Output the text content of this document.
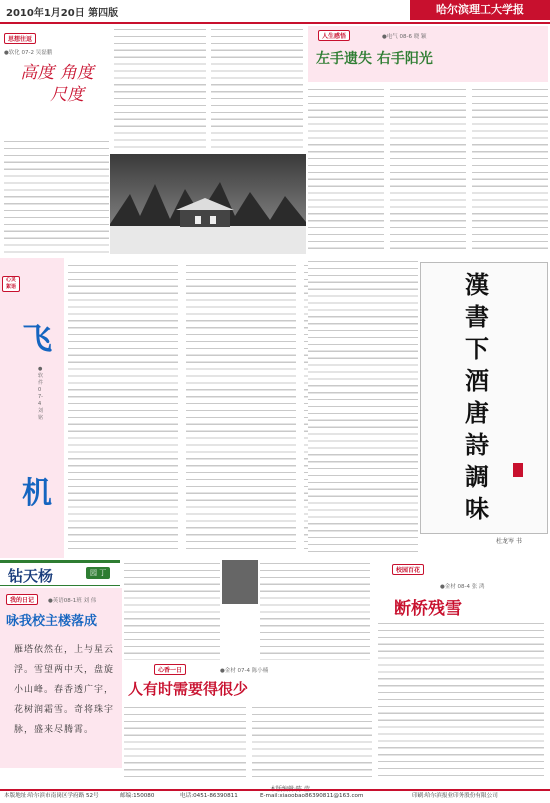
2010年1月20日 第四版	哈尔滨理工大学报
思想往返
●软化 07-2 吴磊鹏
高度 角度
尺度
人生感悟	●电气 08-6 晓 颖
左手遗失 右手阳光
心灵絮语
飞
●软件 07-4 刘 铭
机
漢 書 下 酒 唐 詩 調 味
杜龙岑 书
钻天杨	园 丁
我的日记	●英语08-1班 刘 伟
咏我校主楼落成
雁塔依然在，上与星云浮。雪望两中天，盘旋小山峰。春香透广宇，花树润霜雪。奇将珠宇脉，盛来尽腾霄。
心香一日	●金材 07-4 陈小楠
人有时需要得很少
校园百花
●金材 08-4 张 鸿
断桥残雪
本版编辑:陈 莹
本版地址:哈尔滨市南岗区学府路 52号	邮编:150080	电话:0451-86390811	E-mail:xiaoobao86390811@163.com	印刷:哈尔滨报业印务股份有限公司
